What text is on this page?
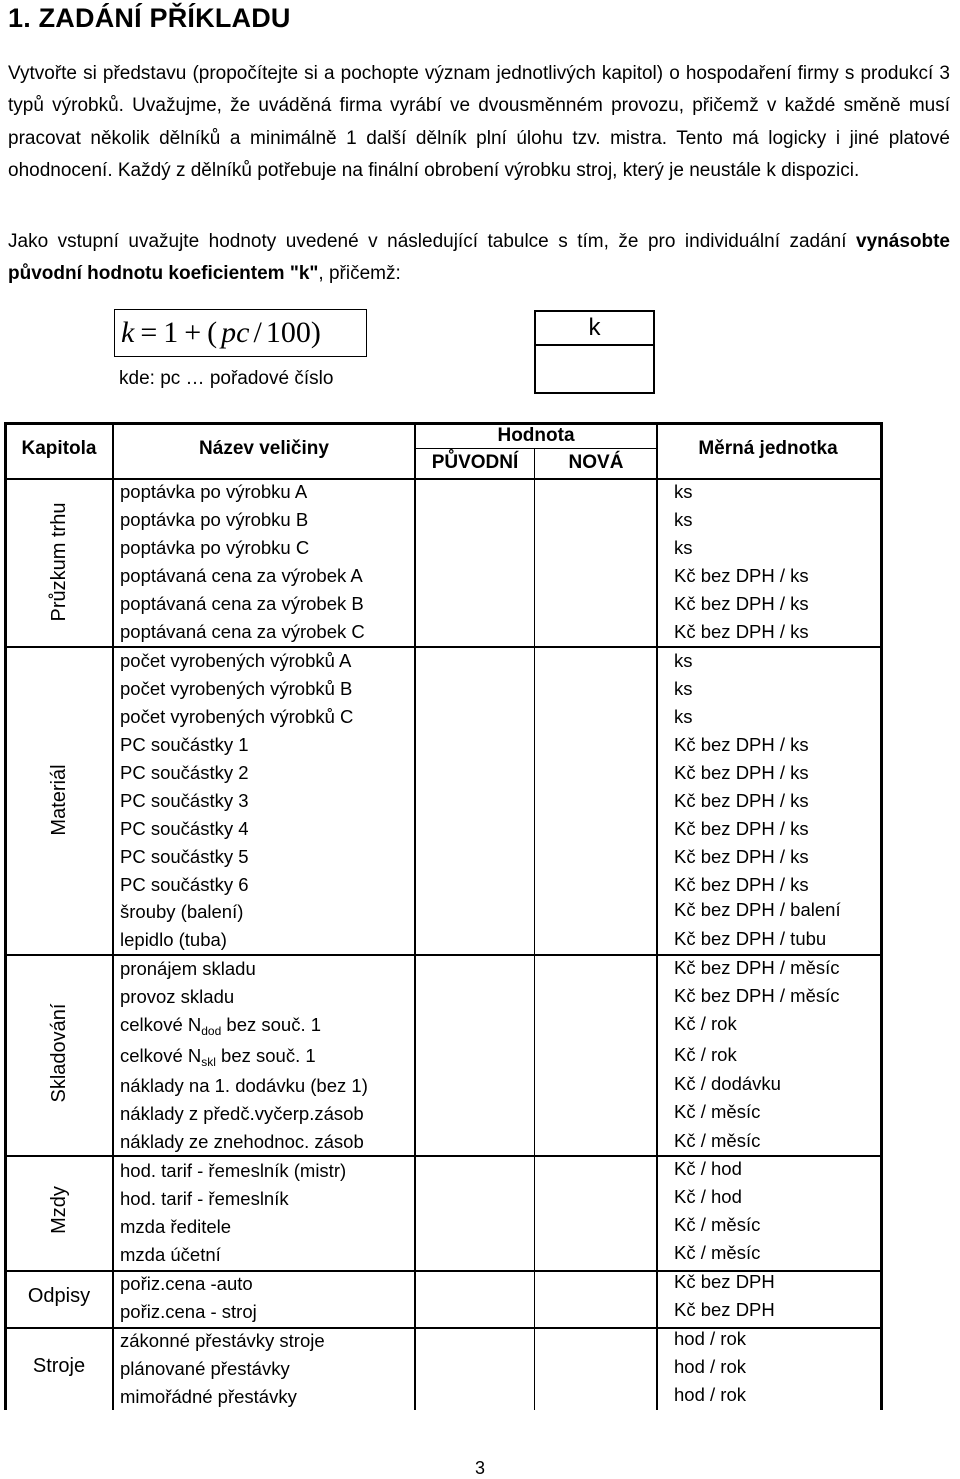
1. ZADÁNÍ PŘÍKLADU
Vytvořte si představu (propočítejte si a pochopte význam jednotlivých kapitol) o hospodaření firmy s produkcí 3 typů výrobků. Uvažujme, že uváděná firma vyrábí ve dvousměnném provozu, přičemž v každé směně musí pracovat několik dělníků a minimálně 1 další dělník plní úlohu tzv. mistra. Tento má logicky i jiné platové ohodnocení. Každý z dělníků potřebuje na finální obrobení výrobku stroj, který je neustále k dispozici.
Jako vstupní uvažujte hodnoty uvedené v následující tabulce s tím, že pro individuální zadání vynásobte původní hodnotu koeficientem "k", přičemž:
k = 1 + ( pc / 100 )	k
kde: pc … pořadové číslo
Kapitola	Název veličiny
Hodnota
PŮVODNÍ	NOVÁ
Měrná jednotka
Průzkum trhu
Materiál
Skladování
Mzdy
Odpisy
Stroje
poptávka po výrobku A	ks
poptávka po výrobku B	ks
poptávka po výrobku C	ks
poptávaná cena za výrobek A	Kč bez DPH / ks
poptávaná cena za výrobek B	Kč bez DPH / ks
poptávaná cena za výrobek C	Kč bez DPH / ks
počet vyrobených výrobků A	ks
počet vyrobených výrobků B	ks
počet vyrobených výrobků C	ks
PC součástky 1	Kč bez DPH / ks
PC součástky 2	Kč bez DPH / ks
PC součástky 3	Kč bez DPH / ks
PC součástky 4	Kč bez DPH / ks
PC součástky 5	Kč bez DPH / ks
PC součástky 6	Kč bez DPH / ks
šrouby (balení)	Kč bez DPH / balení
lepidlo (tuba)	Kč bez DPH / tubu
pronájem skladu	Kč bez DPH / měsíc
provoz skladu	Kč bez DPH / měsíc
celkové $N_{dod}$ bez souč. 1	Kč / rok
celkové $N_{skl}$ bez souč. 1	Kč / rok
náklady na 1. dodávku (bez 1)	Kč / dodávku
náklady z předč.vyčerp.zásob	Kč / měsíc
náklady ze znehodnoc. zásob	Kč / měsíc
hod. tarif - řemeslník (mistr)	Kč / hod
hod. tarif - řemeslník	Kč / hod
mzda ředitele	Kč / měsíc
mzda účetní	Kč / měsíc
pořiz.cena -auto	Kč bez DPH
pořiz.cena - stroj	Kč bez DPH
zákonné přestávky stroje	hod / rok
plánované přestávky	hod / rok
mimořádné přestávky	hod / rok
3
